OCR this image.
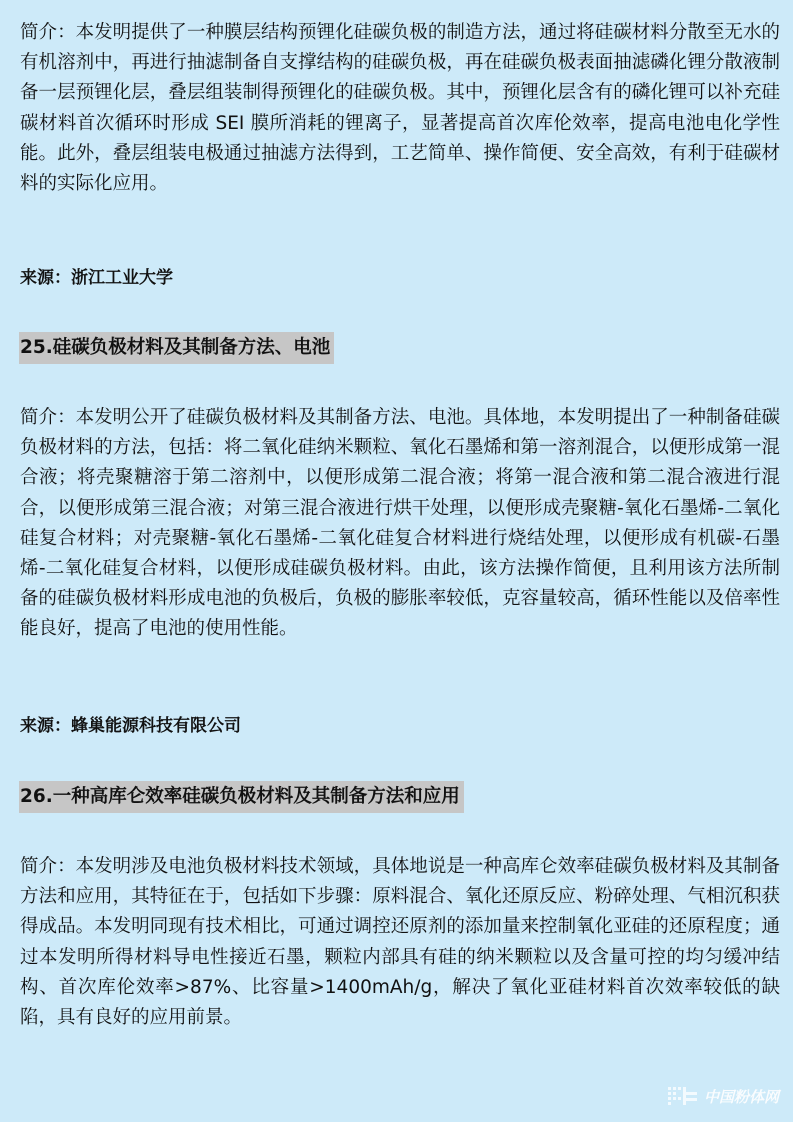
简介：本发明提供了一种膜层结构预锂化硅碳负极的制造方法，通过将硅碳材料分散至无水的有机溶剂中，再进行抽滤制备自支撑结构的硅碳负极，再在硅碳负极表面抽滤磷化锂分散液制备一层预锂化层，叠层组装制得预锂化的硅碳负极。其中，预锂化层含有的磷化锂可以补充硅碳材料首次循环时形成 SEI 膜所消耗的锂离子，显著提高首次库伦效率，提高电池电化学性能。此外，叠层组装电极通过抽滤方法得到，工艺简单、操作简便、安全高效，有利于硅碳材料的实际化应用。

来源：浙江工业大学

25.硅碳负极材料及其制备方法、电池

简介：本发明公开了硅碳负极材料及其制备方法、电池。具体地，本发明提出了一种制备硅碳负极材料的方法，包括：将二氧化硅纳米颗粒、氧化石墨烯和第一溶剂混合，以便形成第一混合液；将壳聚糖溶于第二溶剂中，以便形成第二混合液；将第一混合液和第二混合液进行混合，以便形成第三混合液；对第三混合液进行烘干处理，以便形成壳聚糖-氧化石墨烯-二氧化硅复合材料；对壳聚糖-氧化石墨烯-二氧化硅复合材料进行烧结处理，以便形成有机碳-石墨烯-二氧化硅复合材料，以便形成硅碳负极材料。由此，该方法操作简便，且利用该方法所制备的硅碳负极材料形成电池的负极后，负极的膨胀率较低，克容量较高，循环性能以及倍率性能良好，提高了电池的使用性能。

来源：蜂巢能源科技有限公司

26.一种高库仑效率硅碳负极材料及其制备方法和应用

简介：本发明涉及电池负极材料技术领域，具体地说是一种高库仑效率硅碳负极材料及其制备方法和应用，其特征在于，包括如下步骤：原料混合、氧化还原反应、粉碎处理、气相沉积获得成品。本发明同现有技术相比，可通过调控还原剂的添加量来控制氧化亚硅的还原程度；通过本发明所得材料导电性接近石墨，颗粒内部具有硅的纳米颗粒以及含量可控的均匀缓冲结构、首次库伦效率>87%、比容量>1400mAh/g，解决了氧化亚硅材料首次效率较低的缺陷，具有良好的应用前景。

中国粉体网
